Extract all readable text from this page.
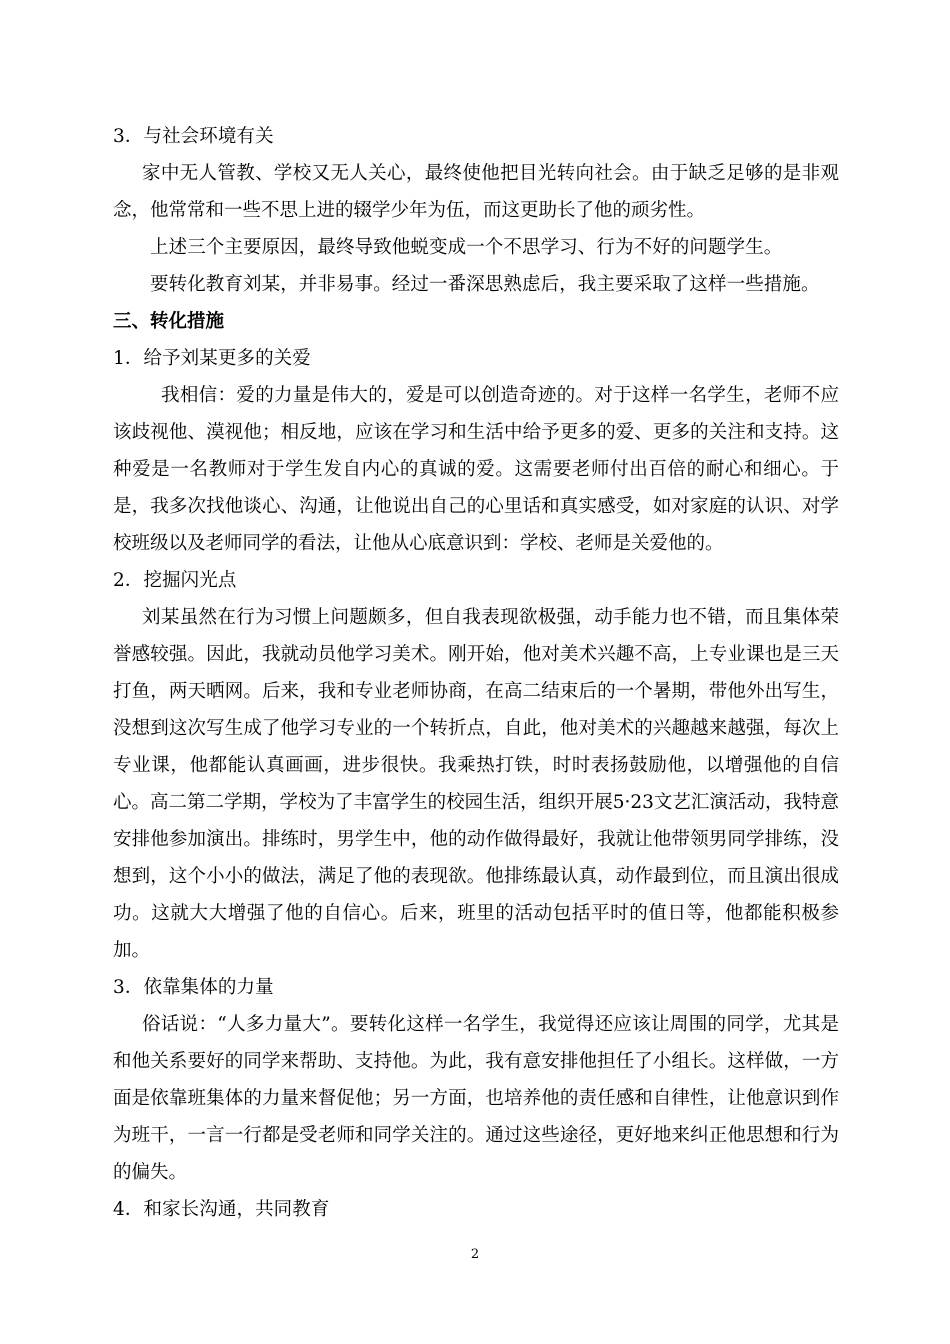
3．与社会环境有关

家中无人管教、学校又无人关心，最终使他把目光转向社会。由于缺乏足够的是非观念，他常常和一些不思上进的辍学少年为伍，而这更助长了他的顽劣性。

上述三个主要原因，最终导致他蜕变成一个不思学习、行为不好的问题学生。
要转化教育刘某，并非易事。经过一番深思熟虑后，我主要采取了这样一些措施。
三、转化措施
1．给予刘某更多的关爱

我相信：爱的力量是伟大的，爱是可以创造奇迹的。对于这样一名学生，老师不应该歧视他、漠视他；相反地，应该在学习和生活中给予更多的爱、更多的关注和支持。这种爱是一名教师对于学生发自内心的真诚的爱。这需要老师付出百倍的耐心和细心。于是，我多次找他谈心、沟通，让他说出自己的心里话和真实感受，如对家庭的认识、对学校班级以及老师同学的看法，让他从心底意识到：学校、老师是关爱他的。

2．挖掘闪光点

刘某虽然在行为习惯上问题颇多，但自我表现欲极强，动手能力也不错，而且集体荣誉感较强。因此，我就动员他学习美术。刚开始，他对美术兴趣不高，上专业课也是三天打鱼，两天晒网。后来，我和专业老师协商，在高二结束后的一个暑期，带他外出写生，没想到这次写生成了他学习专业的一个转折点，自此，他对美术的兴趣越来越强，每次上专业课，他都能认真画画，进步很快。我乘热打铁，时时表扬鼓励他，以增强他的自信心。高二第二学期，学校为了丰富学生的校园生活，组织开展5·23文艺汇演活动，我特意安排他参加演出。排练时，男学生中，他的动作做得最好，我就让他带领男同学排练，没想到，这个小小的做法，满足了他的表现欲。他排练最认真，动作最到位，而且演出很成功。这就大大增强了他的自信心。后来，班里的活动包括平时的值日等，他都能积极参加。

3．依靠集体的力量

俗话说：“人多力量大”。要转化这样一名学生，我觉得还应该让周围的同学，尤其是和他关系要好的同学来帮助、支持他。为此，我有意安排他担任了小组长。这样做，一方面是依靠班集体的力量来督促他；另一方面，也培养他的责任感和自律性，让他意识到作为班干，一言一行都是受老师和同学关注的。通过这些途径，更好地来纠正他思想和行为的偏失。

4．和家长沟通，共同教育
2
